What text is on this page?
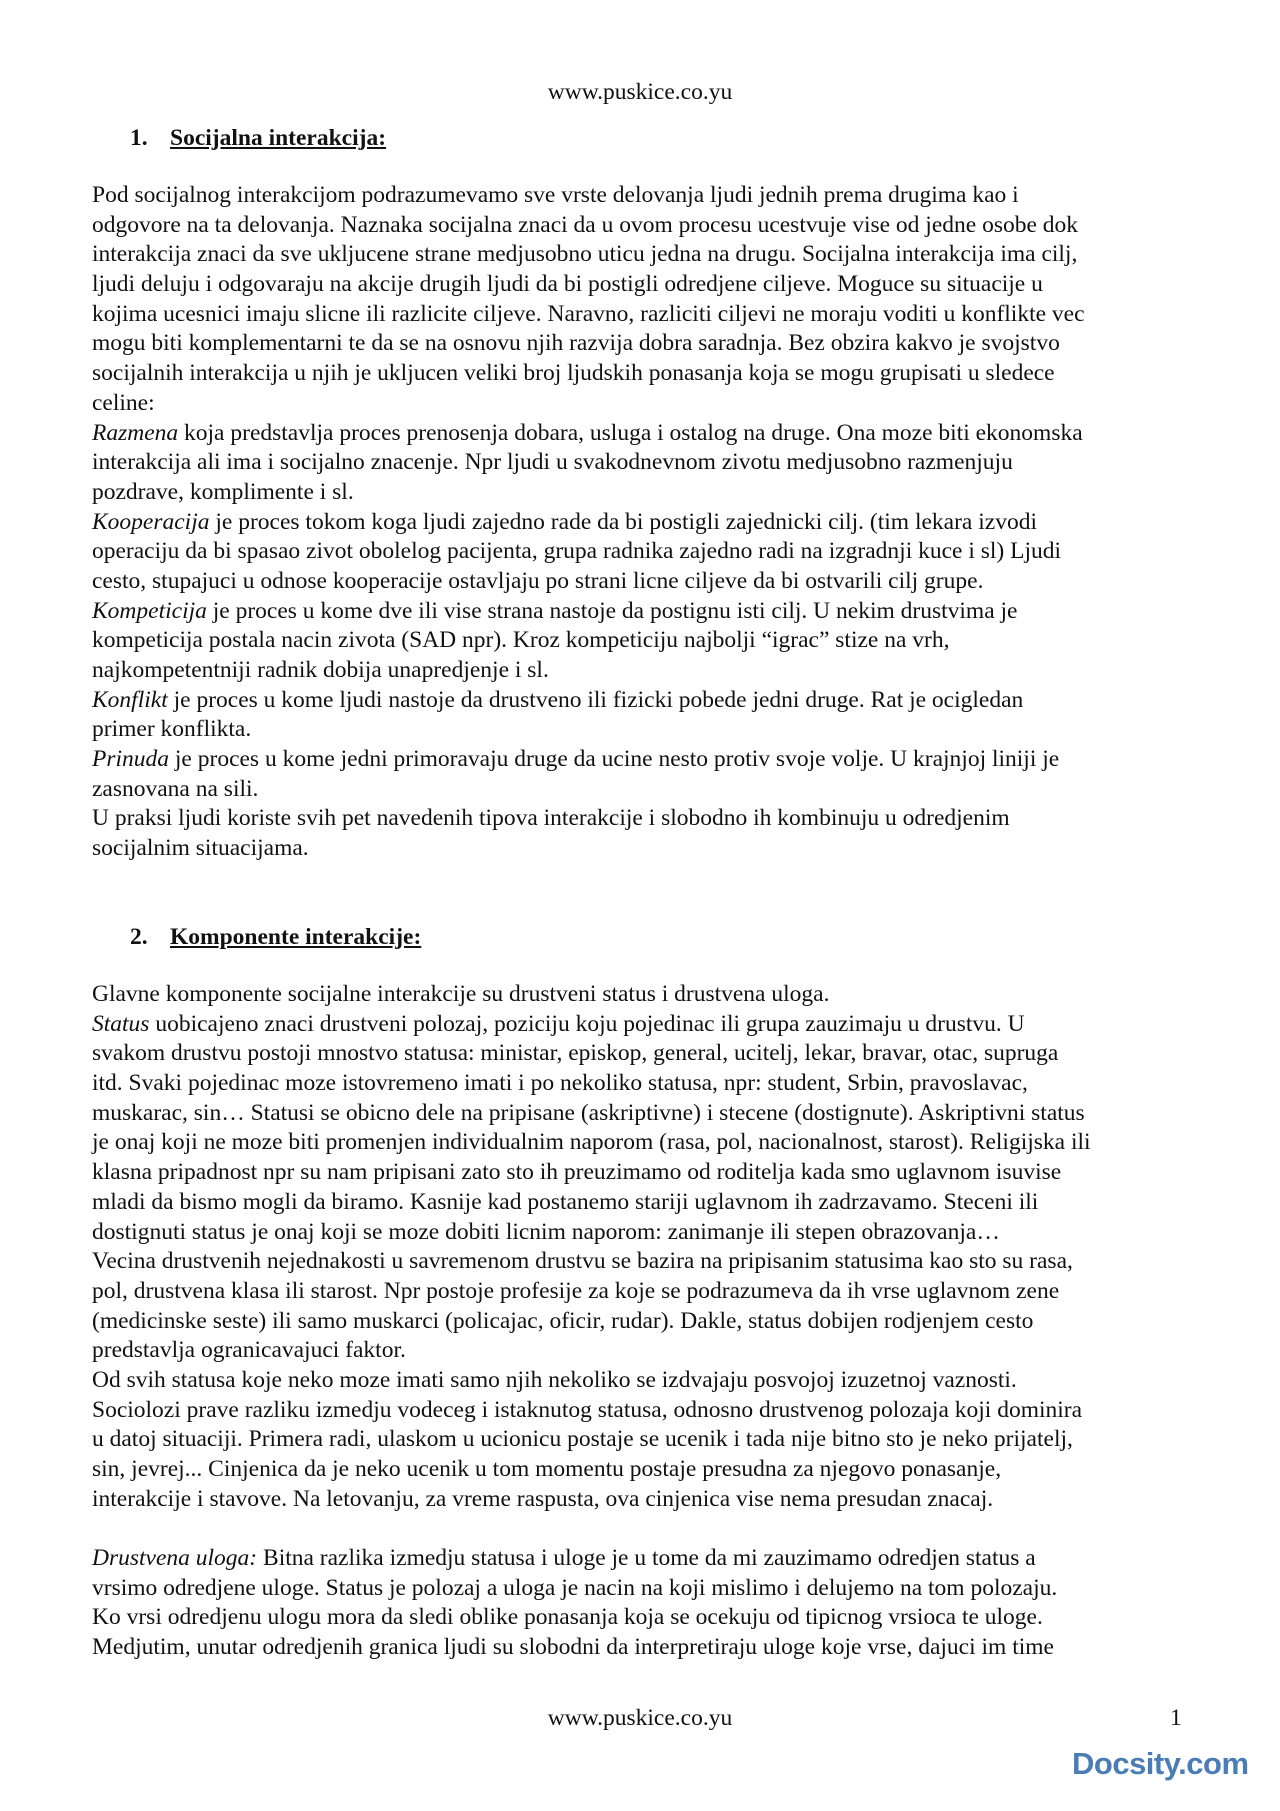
www.puskice.co.yu
1. Socijalna interakcija:
Pod socijalnog interakcijom podrazumevamo sve vrste delovanja ljudi jednih prema drugima kao i
odgovore na ta delovanja. Naznaka socijalna znaci da u ovom procesu ucestvuje vise od jedne osobe dok
interakcija znaci da sve ukljucene strane medjusobno uticu jedna na drugu. Socijalna interakcija ima cilj,
ljudi deluju i odgovaraju na akcije drugih ljudi da bi postigli odredjene ciljeve. Moguce su situacije u
kojima ucesnici imaju slicne ili razlicite ciljeve. Naravno, razliciti ciljevi ne moraju voditi u konflikte vec
mogu biti komplementarni te da se na osnovu njih razvija dobra saradnja. Bez obzira kakvo je svojstvo
socijalnih interakcija u njih je ukljucen veliki broj ljudskih ponasanja koja se mogu grupisati u sledece
celine:
Razmena koja predstavlja proces prenosenja dobara, usluga i ostalog na druge. Ona moze biti ekonomska
interakcija ali ima i socijalno znacenje. Npr ljudi u svakodnevnom zivotu medjusobno razmenjuju
pozdrave, komplimente i sl.
Kooperacija je proces tokom koga ljudi zajedno rade da bi postigli zajednicki cilj. (tim lekara izvodi
operaciju da bi spasao zivot obolelog pacijenta, grupa radnika zajedno radi na izgradnji kuce i sl) Ljudi
cesto, stupajuci u odnose kooperacije ostavljaju po strani licne ciljeve da bi ostvarili cilj grupe.
Kompeticija je proces u kome dve ili vise strana nastoje da postignu isti cilj. U nekim drustvima je
kompeticija postala nacin zivota (SAD npr). Kroz kompeticiju najbolji “igrac” stize na vrh,
najkompetentniji radnik dobija unapredjenje i sl.
Konflikt je proces u kome ljudi nastoje da drustveno ili fizicki pobede jedni druge. Rat je ocigledan
primer konflikta.
Prinuda je proces u kome jedni primoravaju druge da ucine nesto protiv svoje volje. U krajnjoj liniji je
zasnovana na sili.
U praksi ljudi koriste svih pet navedenih tipova interakcije i slobodno ih kombinuju u odredjenim
socijalnim situacijama.
2. Komponente interakcije:
Glavne komponente socijalne interakcije su drustveni status i drustvena uloga.
Status uobicajeno znaci drustveni polozaj, poziciju koju pojedinac ili grupa zauzimaju u drustvu. U
svakom drustvu postoji mnostvo statusa: ministar, episkop, general, ucitelj, lekar, bravar, otac, supruga
itd. Svaki pojedinac moze istovremeno imati i po nekoliko statusa, npr: student, Srbin, pravoslavac,
muskarac, sin… Statusi se obicno dele na pripisane (askriptivne) i stecene (dostignute). Askriptivni status
je onaj koji ne moze biti promenjen individualnim naporom (rasa, pol, nacionalnost, starost). Religijska ili
klasna pripadnost npr su nam pripisani zato sto ih preuzimamo od roditelja kada smo uglavnom isuvise
mladi da bismo mogli da biramo. Kasnije kad postanemo stariji uglavnom ih zadrzavamo. Steceni ili
dostignuti status je onaj koji se moze dobiti licnim naporom: zanimanje ili stepen obrazovanja…
Vecina drustvenih nejednakosti u savremenom drustvu se bazira na pripisanim statusima kao sto su rasa,
pol, drustvena klasa ili starost. Npr postoje profesije za koje se podrazumeva da ih vrse uglavnom zene
(medicinske seste) ili samo muskarci (policajac, oficir, rudar). Dakle, status dobijen rodjenjem cesto
predstavlja ogranicavajuci faktor.
Od svih statusa koje neko moze imati samo njih nekoliko se izdvajaju posvojoj izuzetnoj vaznosti.
Sociolozi prave razliku izmedju vodeceg i istaknutog statusa, odnosno drustvenog polozaja koji dominira
u datoj situaciji. Primera radi, ulaskom u ucionicu postaje se ucenik i tada nije bitno sto je neko prijatelj,
sin, jevrej... Cinjenica da je neko ucenik u tom momentu postaje presudna za njegovo ponasanje,
interakcije i stavove. Na letovanju, za vreme raspusta, ova cinjenica vise nema presudan znacaj.
Drustvena uloga: Bitna razlika izmedju statusa i uloge je u tome da mi zauzimamo odredjen status a
vrsimo odredjene uloge. Status je polozaj a uloga je nacin na koji mislimo i delujemo na tom polozaju.
Ko vrsi odredjenu ulogu mora da sledi oblike ponasanja koja se ocekuju od tipicnog vrsioca te uloge.
Medjutim, unutar odredjenih granica ljudi su slobodni da interpretiraju uloge koje vrse, dajuci im time
www.puskice.co.yu	1
Docsity.com
